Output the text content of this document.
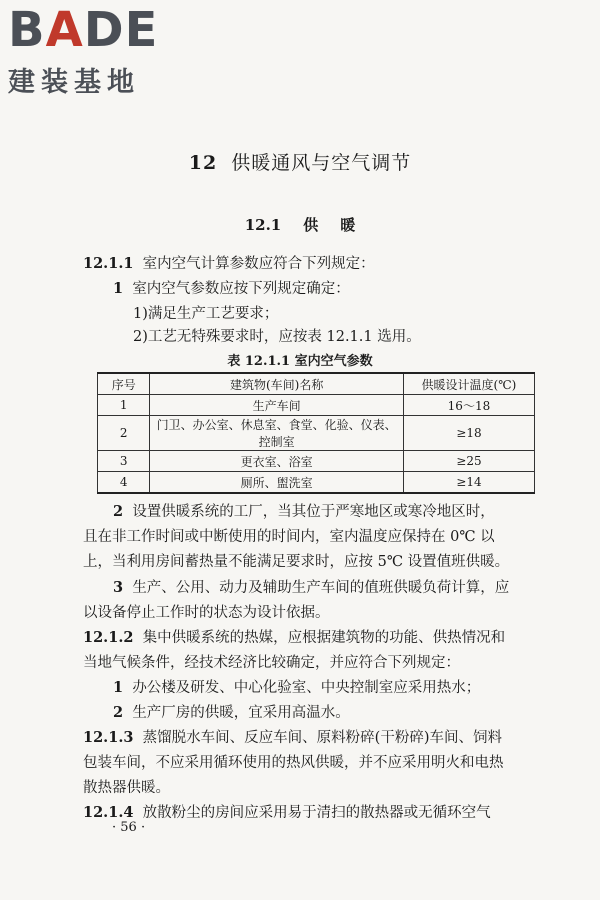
B A DE
建装基地
12 供暖通风与空气调节
12.1 供 暖
12.1.1 室内空气计算参数应符合下列规定：
1 室内空气参数应按下列规定确定：
1)满足生产工艺要求；
2)工艺无特殊要求时，应按表 12.1.1 选用。
表 12.1.1 室内空气参数
序号	建筑物(车间)名称	供暖设计温度(℃)
1	生产车间	16～18
2	门卫、办公室、休息室、食堂、化验、仪表、控制室	≥18
3	更衣室、浴室	≥25
4	厕所、盥洗室	≥14
2 设置供暖系统的工厂，当其位于严寒地区或寒冷地区时，
且在非工作时间或中断使用的时间内，室内温度应保持在 0℃ 以
上，当利用房间蓄热量不能满足要求时，应按 5℃ 设置值班供暖。
3 生产、公用、动力及辅助生产车间的值班供暖负荷计算，应
以设备停止工作时的状态为设计依据。
12.1.2 集中供暖系统的热媒，应根据建筑物的功能、供热情况和
当地气候条件，经技术经济比较确定，并应符合下列规定：
1 办公楼及研发、中心化验室、中央控制室应采用热水；
2 生产厂房的供暖，宜采用高温水。
12.1.3 蒸馏脱水车间、反应车间、原料粉碎(干粉碎)车间、饲料
包装车间，不应采用循环使用的热风供暖，并不应采用明火和电热
散热器供暖。
12.1.4 放散粉尘的房间应采用易于清扫的散热器或无循环空气
· 56 ·
